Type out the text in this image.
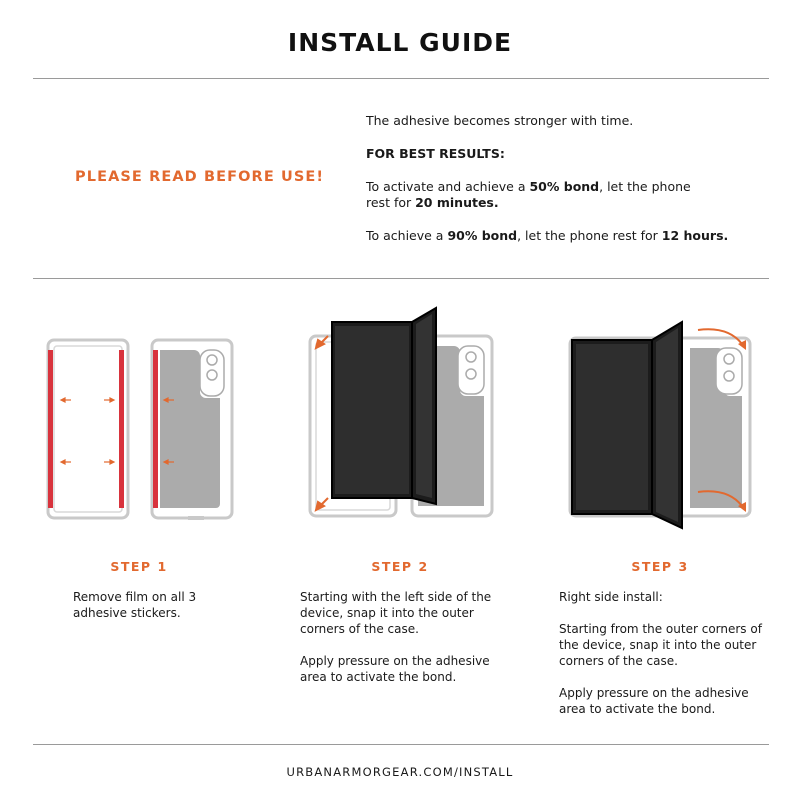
INSTALL GUIDE
PLEASE READ BEFORE USE!

The adhesive becomes stronger with time.

FOR BEST RESULTS:

To activate and achieve a 50% bond, let the phone rest for 20 minutes.

To achieve a 90% bond, let the phone rest for 12 hours.

STEP 1

Remove film on all 3 adhesive stickers.

STEP 2

Starting with the left side of the device, snap it into the outer corners of the case.

Apply pressure on the adhesive area to activate the bond.

STEP 3

Right side install:

Starting from the outer corners of the device, snap it into the outer corners of the case.

Apply pressure on the adhesive area to activate the bond.

URBANARMORGEAR.COM/INSTALL
